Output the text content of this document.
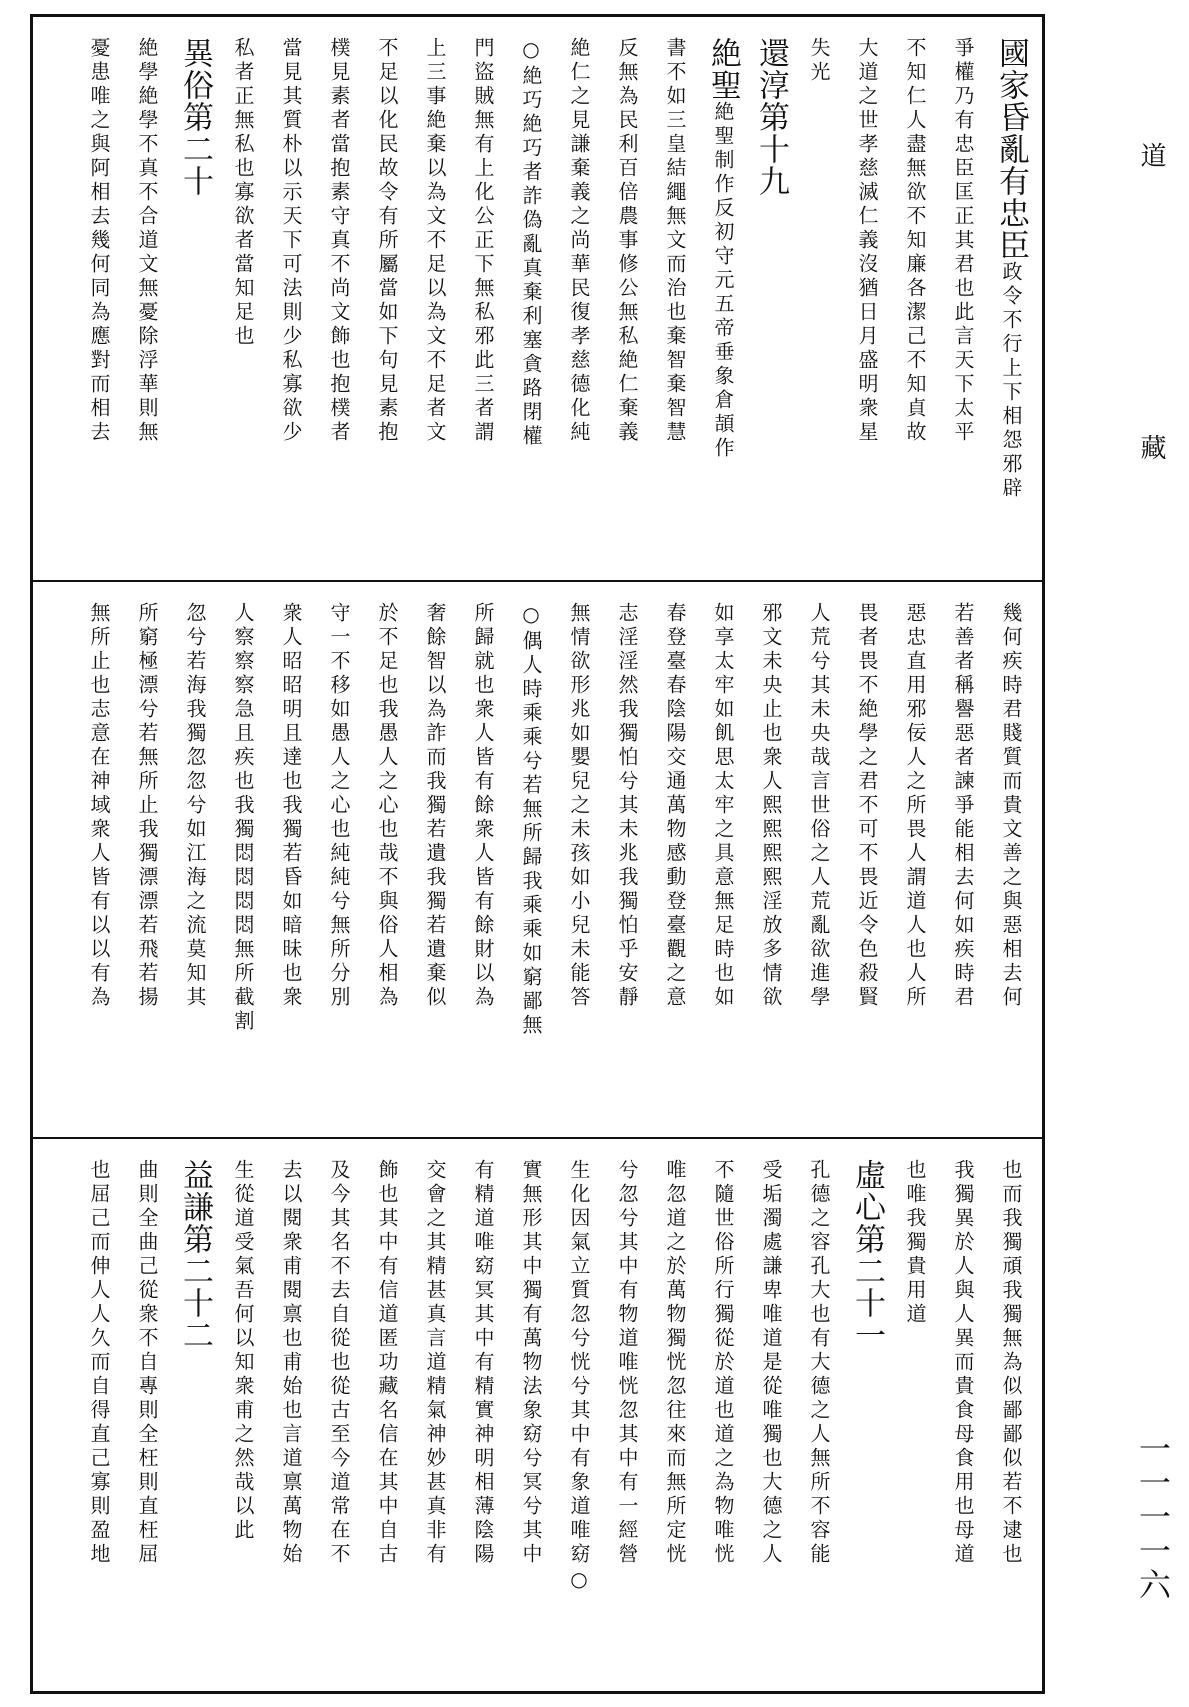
國家昏亂有忠臣政令不行上下相怨邪辟
爭權乃有忠臣匡正其君也此言天下太平
不知仁人盡無欲不知廉各潔己不知貞故
大道之世孝慈滅仁義沒猶日月盛明衆星
失光
還淳第十九
絶聖絶聖制作反初守元五帝垂象倉頡作
書不如三皇結繩無文而治也棄智棄智慧
反無為民利百倍農事修公無私絶仁棄義
絶仁之見謙棄義之尚華民復孝慈德化純
○絶巧絶巧者詐偽亂真棄利塞貪路閉權
門盜賊無有上化公正下無私邪此三者謂
上三事絶棄以為文不足以為文不足者文
不足以化民故令有所屬當如下句見素抱
樸見素者當抱素守真不尚文飾也抱樸者
當見其質朴以示天下可法則少私寡欲少
私者正無私也寡欲者當知足也
異俗第二十
絶學絶學不真不合道文無憂除浮華則無
憂患唯之與阿相去幾何同為應對而相去
幾何疾時君賤質而貴文善之與惡相去何
若善者稱譽惡者諫爭能相去何如疾時君
惡忠直用邪佞人之所畏人謂道人也人所
畏者畏不絶學之君不可不畏近令色殺賢
人荒兮其未央哉言世俗之人荒亂欲進學
邪文未央止也衆人熙熙熙熙淫放多情欲
如享太牢如飢思太牢之具意無足時也如
春登臺春陰陽交通萬物感動登臺觀之意
志淫淫然我獨怕兮其未兆我獨怕乎安靜
無情欲形兆如嬰兒之未孩如小兒未能答
○偶人時乘乘兮若無所歸我乘乘如窮鄙無
所歸就也衆人皆有餘衆人皆有餘財以為
奢餘智以為詐而我獨若遺我獨若遺棄似
於不足也我愚人之心也哉不與俗人相為
守一不移如愚人之心也純純兮無所分別
衆人昭昭明且達也我獨若昏如暗昧也衆
人察察察急且疾也我獨悶悶悶悶無所截割
忽兮若海我獨忽忽兮如江海之流莫知其
所窮極漂兮若無所止我獨漂漂若飛若揚
無所止也志意在神域衆人皆有以以有為
也而我獨頑我獨無為似鄙鄙似若不逮也
我獨異於人與人異而貴食母食用也母道
也唯我獨貴用道
虛心第二十一
孔德之容孔大也有大德之人無所不容能
受垢濁處謙卑唯道是從唯獨也大德之人
不隨世俗所行獨從於道也道之為物唯恍
唯忽道之於萬物獨恍忽往來而無所定恍
兮忽兮其中有物道唯恍忽其中有一經營
生化因氣立質忽兮恍兮其中有象道唯窈○
實無形其中獨有萬物法象窈兮冥兮其中
有精道唯窈冥其中有精實神明相薄陰陽
交會之其精甚真言道精氣神妙甚真非有
飾也其中有信道匿功藏名信在其中自古
及今其名不去自從也從古至今道常在不
去以閱衆甫閱禀也甫始也言道禀萬物始
生從道受氣吾何以知衆甫之然哉以此
益謙第二十二
曲則全曲己從衆不自專則全枉則直枉屈
也屈己而伸人人久而自得直己寡則盈地
道　藏
一一一一六
